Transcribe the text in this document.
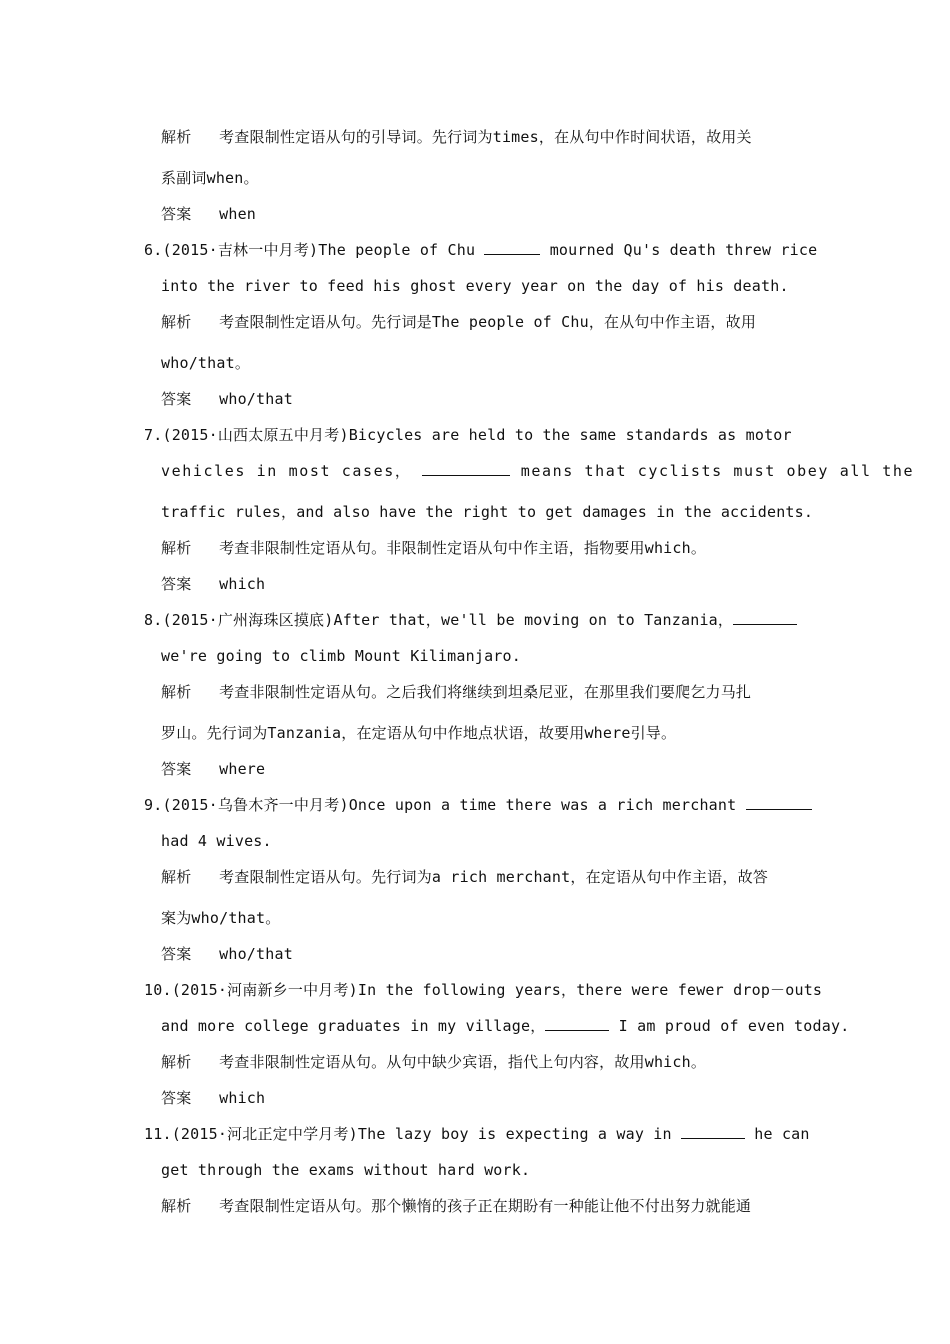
解析 考查限制性定语从句的引导词。先行词为times，在从句中作时间状语，故用关
系副词when。
答案 when
6.(2015·吉林一中月考)The people of Chu	mourned Qu's death threw rice
into the river to feed his ghost every year on the day of his death.
解析 考查限制性定语从句。先行词是The people of Chu，在从句中作主语，故用
who/that。
答案 who/that
7.(2015·山西太原五中月考)Bicycles are held to the same standards as motor
vehicles in most cases，	means that cyclists must obey all the
traffic rules，and also have the right to get damages in the accidents.
解析 考查非限制性定语从句。非限制性定语从句中作主语，指物要用which。
答案 which
8.(2015·广州海珠区摸底)After that，we'll be moving on to Tanzania，
we're going to climb Mount Kilimanjaro.
解析 考查非限制性定语从句。之后我们将继续到坦桑尼亚，在那里我们要爬乞力马扎
罗山。先行词为Tanzania，在定语从句中作地点状语，故要用where引导。
答案 where
9.(2015·乌鲁木齐一中月考)Once upon a time there was a rich merchant
had 4 wives.
解析 考查限制性定语从句。先行词为a rich merchant，在定语从句中作主语，故答
案为who/that。
答案 who/that
10.(2015·河南新乡一中月考)In the following years，there were fewer drop－outs
and more college graduates in my village，	I am proud of even today.
解析 考查非限制性定语从句。从句中缺少宾语，指代上句内容，故用which。
答案 which
11.(2015·河北正定中学月考)The lazy boy is expecting a way in	he can
get through the exams without hard work.
解析 考查限制性定语从句。那个懒惰的孩子正在期盼有一种能让他不付出努力就能通
